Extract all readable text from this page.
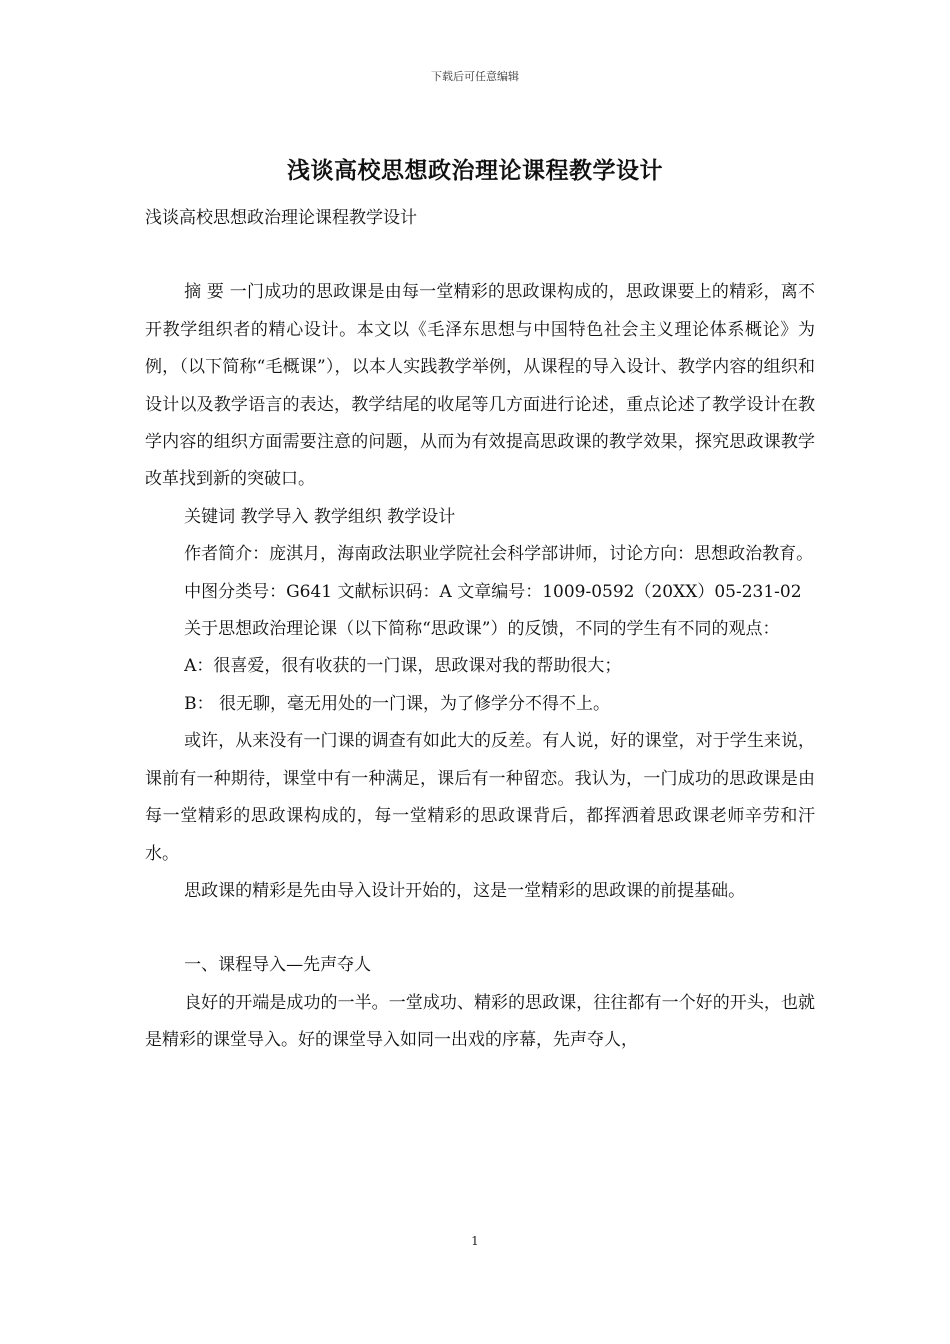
下载后可任意编辑
浅谈高校思想政治理论课程教学设计

浅谈高校思想政治理论课程教学设计

摘 要 一门成功的思政课是由每一堂精彩的思政课构成的，思政课要上的精彩，离不开教学组织者的精心设计。本文以《毛泽东思想与中国特色社会主义理论体系概论》为例，（以下简称“毛概课”），以本人实践教学举例，从课程的导入设计、教学内容的组织和设计以及教学语言的表达，教学结尾的收尾等几方面进行论述，重点论述了教学设计在教学内容的组织方面需要注意的问题，从而为有效提高思政课的教学效果，探究思政课教学改革找到新的突破口。

关键词 教学导入 教学组织 教学设计

作者简介：庞淇月，海南政法职业学院社会科学部讲师，讨论方向：思想政治教育。

中图分类号：G641 文献标识码：A 文章编号：1009-0592（20XX）05-231-02

关于思想政治理论课（以下简称“思政课”）的反馈，不同的学生有不同的观点：

A：很喜爱，很有收获的一门课，思政课对我的帮助很大；

B： 很无聊，毫无用处的一门课，为了修学分不得不上。

或许，从来没有一门课的调查有如此大的反差。有人说，好的课堂，对于学生来说，课前有一种期待，课堂中有一种满足，课后有一种留恋。我认为，一门成功的思政课是由每一堂精彩的思政课构成的，每一堂精彩的思政课背后，都挥洒着思政课老师辛劳和汗水。

思政课的精彩是先由导入设计开始的，这是一堂精彩的思政课的前提基础。

一、课程导入—先声夺人

良好的开端是成功的一半。一堂成功、精彩的思政课，往往都有一个好的开头，也就是精彩的课堂导入。好的课堂导入如同一出戏的序幕，先声夺人，

1
